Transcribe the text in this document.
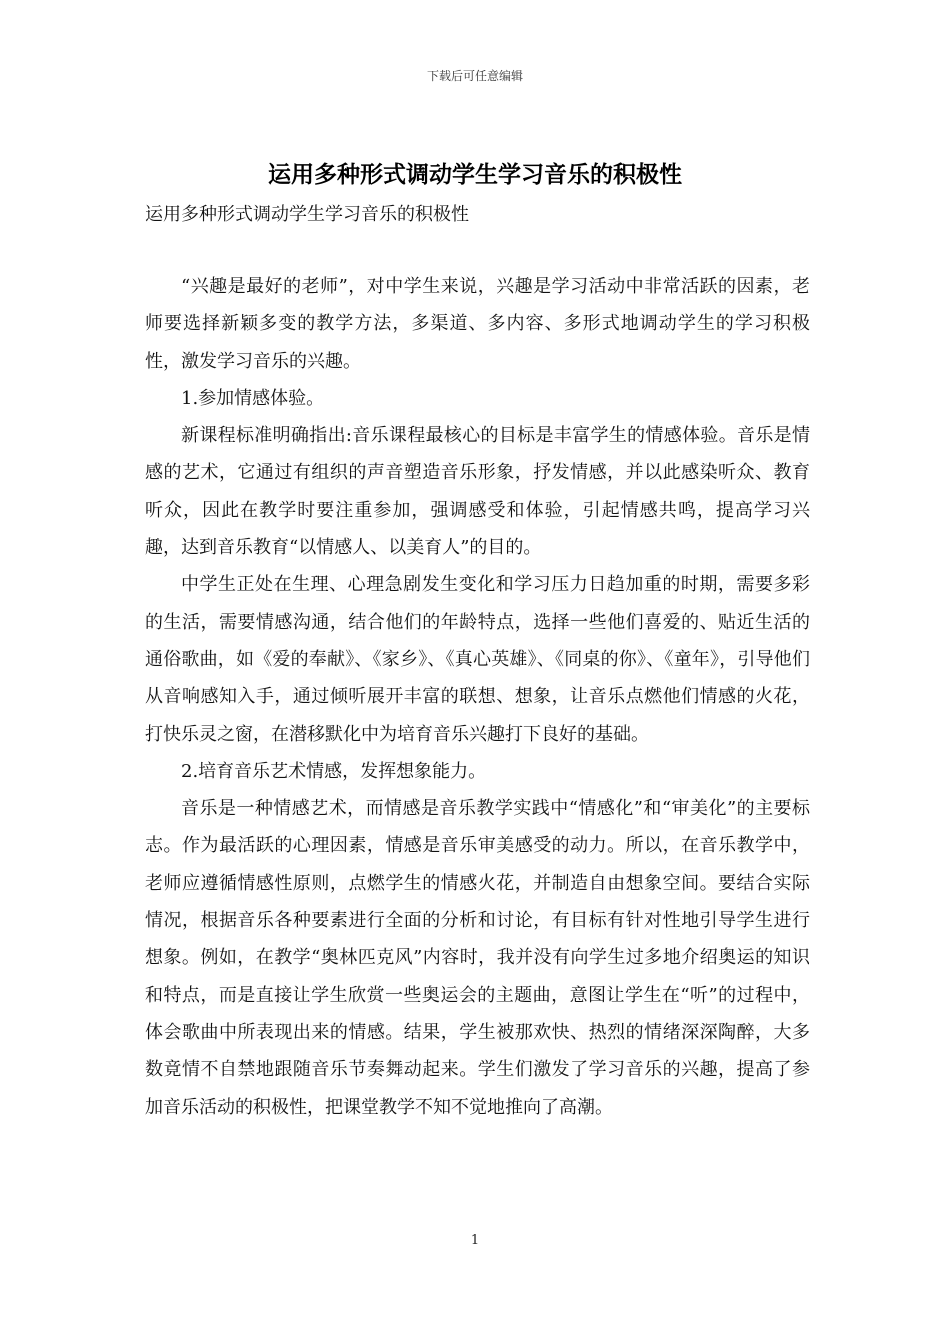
下载后可任意编辑
运用多种形式调动学生学习音乐的积极性
运用多种形式调动学生学习音乐的积极性

“兴趣是最好的老师”，对中学生来说，兴趣是学习活动中非常活跃的因素，老师要选择新颖多变的教学方法，多渠道、多内容、多形式地调动学生的学习积极性，激发学习音乐的兴趣。

1.参加情感体验。

新课程标准明确指出:音乐课程最核心的目标是丰富学生的情感体验。音乐是情感的艺术，它通过有组织的声音塑造音乐形象，抒发情感，并以此感染听众、教育听众，因此在教学时要注重参加，强调感受和体验，引起情感共鸣，提高学习兴趣，达到音乐教育“以情感人、以美育人”的目的。

中学生正处在生理、心理急剧发生变化和学习压力日趋加重的时期，需要多彩的生活，需要情感沟通，结合他们的年龄特点，选择一些他们喜爱的、贴近生活的通俗歌曲，如《爱的奉献》、《家乡》、《真心英雄》、《同桌的你》、《童年》，引导他们从音响感知入手，通过倾听展开丰富的联想、想象，让音乐点燃他们情感的火花，打快乐灵之窗，在潜移默化中为培育音乐兴趣打下良好的基础。

2.培育音乐艺术情感，发挥想象能力。

音乐是一种情感艺术，而情感是音乐教学实践中“情感化”和“审美化”的主要标志。作为最活跃的心理因素，情感是音乐审美感受的动力。所以，在音乐教学中，老师应遵循情感性原则，点燃学生的情感火花，并制造自由想象空间。要结合实际情况，根据音乐各种要素进行全面的分析和讨论，有目标有针对性地引导学生进行想象。例如，在教学“奥林匹克风”内容时，我并没有向学生过多地介绍奥运的知识和特点，而是直接让学生欣赏一些奥运会的主题曲，意图让学生在“听”的过程中，体会歌曲中所表现出来的情感。结果，学生被那欢快、热烈的情绪深深陶醉，大多数竟情不自禁地跟随音乐节奏舞动起来。学生们激发了学习音乐的兴趣，提高了参加音乐活动的积极性，把课堂教学不知不觉地推向了高潮。

1
